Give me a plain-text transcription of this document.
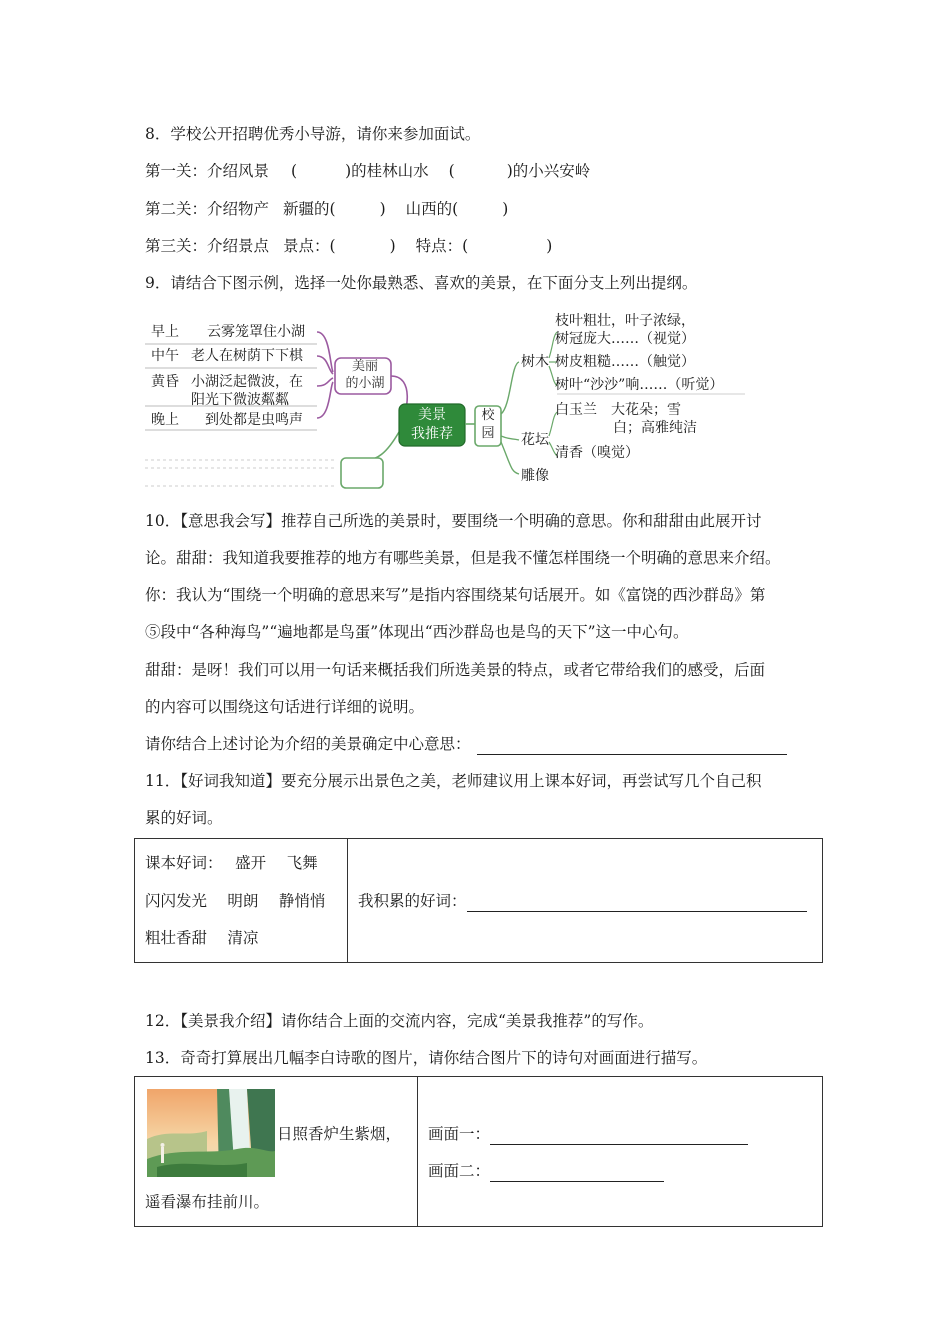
8．学校公开招聘优秀小导游，请你来参加面试。
第一关：介绍风景 (	)的桂林山水 (	)的小兴安岭
第二关：介绍物产 新疆的(	) 山西的(	)
第三关：介绍景点 景点：(	) 特点：(	)
9．请结合下图示例，选择一处你最熟悉、喜欢的美景，在下面分支上列出提纲。
早上 云雾笼罩住小湖
中午 老人在树荫下下棋
黄昏 小湖泛起微波，在
阳光下微波粼粼
晚上 到处都是虫鸣声
美丽
的小湖
美景
我推荐
校
园
树木
枝叶粗壮，叶子浓绿，
树冠庞大……（视觉）
树皮粗糙……（触觉）
树叶“沙沙”响……（听觉）
花坛
白玉兰　大花朵；雪
白；高雅纯洁
清香（嗅觉）
雕像
10．【意思我会写】推荐自己所选的美景时，要围绕一个明确的意思。你和甜甜由此展开讨
论。甜甜：我知道我要推荐的地方有哪些美景，但是我不懂怎样围绕一个明确的意思来介绍。
你：我认为“围绕一个明确的意思来写”是指内容围绕某句话展开。如《富饶的西沙群岛》第
⑤段中“各种海鸟”“遍地都是鸟蛋”体现出“西沙群岛也是鸟的天下”这一中心句。
甜甜：是呀！我们可以用一句话来概括我们所选美景的特点，或者它带给我们的感受，后面
的内容可以围绕这句话进行详细的说明。
请你结合上述讨论为介绍的美景确定中心意思：
11．【好词我知道】要充分展示出景色之美，老师建议用上课本好词，再尝试写几个自己积
累的好词。
课本好词：　 盛开　 飞舞
闪闪发光　 明朗　 静悄悄
粗壮香甜　 清凉

我积累的好词：
12．【美景我介绍】请你结合上面的交流内容，完成“美景我推荐”的写作。
13．奇奇打算展出几幅李白诗歌的图片，请你结合图片下的诗句对画面进行描写。
日照香炉生紫烟，
遥看瀑布挂前川。

画面一：
画面二：
